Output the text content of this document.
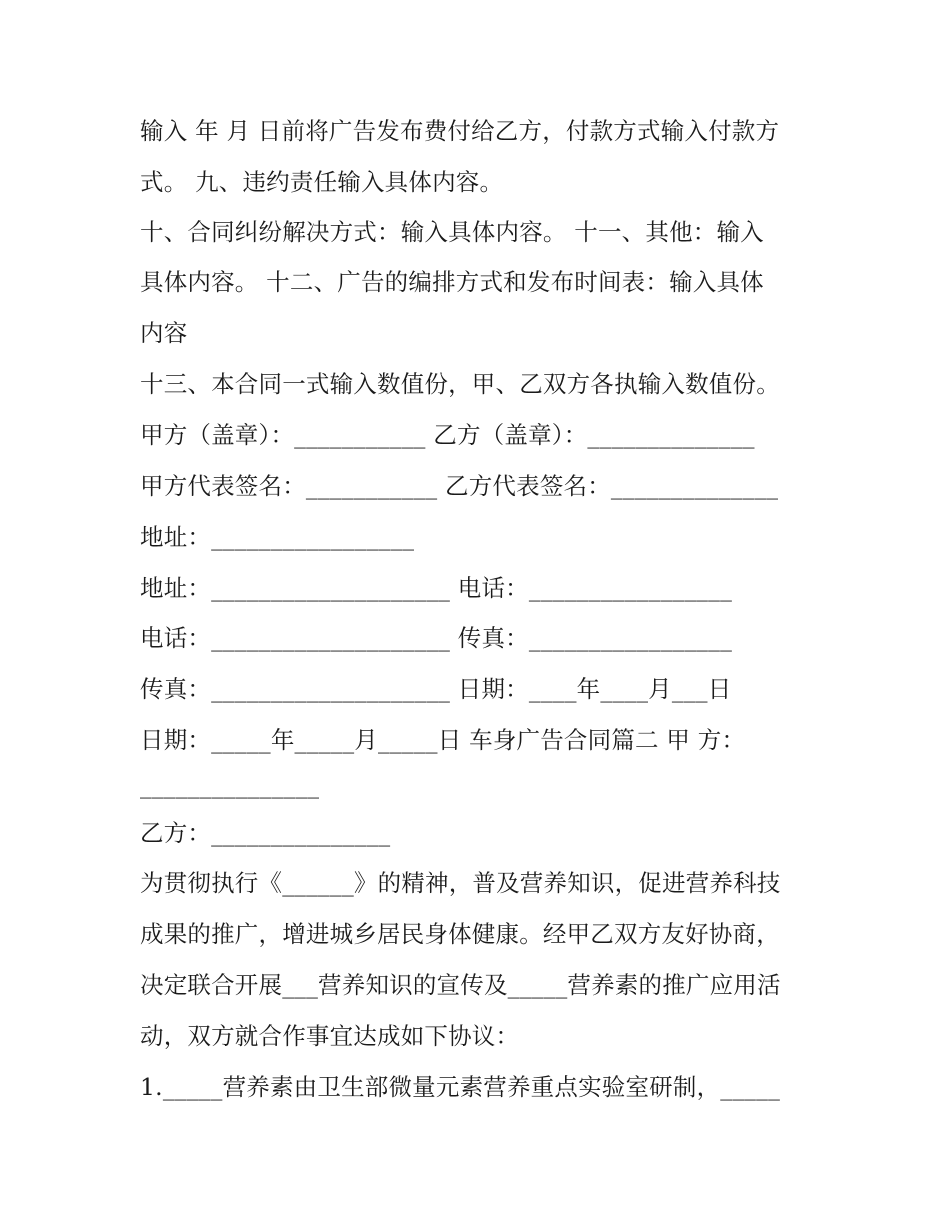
输入 年 月 日前将广告发布费付给乙方，付款方式输入付款方
式。 九、违约责任输入具体内容。
十、合同纠纷解决方式：输入具体内容。 十一、其他：输入
具体内容。 十二、广告的编排方式和发布时间表：输入具体
内容
十三、本合同一式输入数值份，甲、乙双方各执输入数值份。
甲方（盖章）：___________ 乙方（盖章）：______________
甲方代表签名：___________ 乙方代表签名：______________
地址：_________________
地址：____________________ 电话：_________________
电话：____________________ 传真：_________________
传真：____________________ 日期：____年____月___日
日期：_____年_____月_____日 车身广告合同篇二 甲 方：
_______________
乙方：_______________
为贯彻执行《______》的精神，普及营养知识，促进营养科技
成果的推广，增进城乡居民身体健康。经甲乙双方友好协商，
决定联合开展___营养知识的宣传及_____营养素的推广应用活
动，双方就合作事宜达成如下协议：
1._____营养素由卫生部微量元素营养重点实验室研制，_____
